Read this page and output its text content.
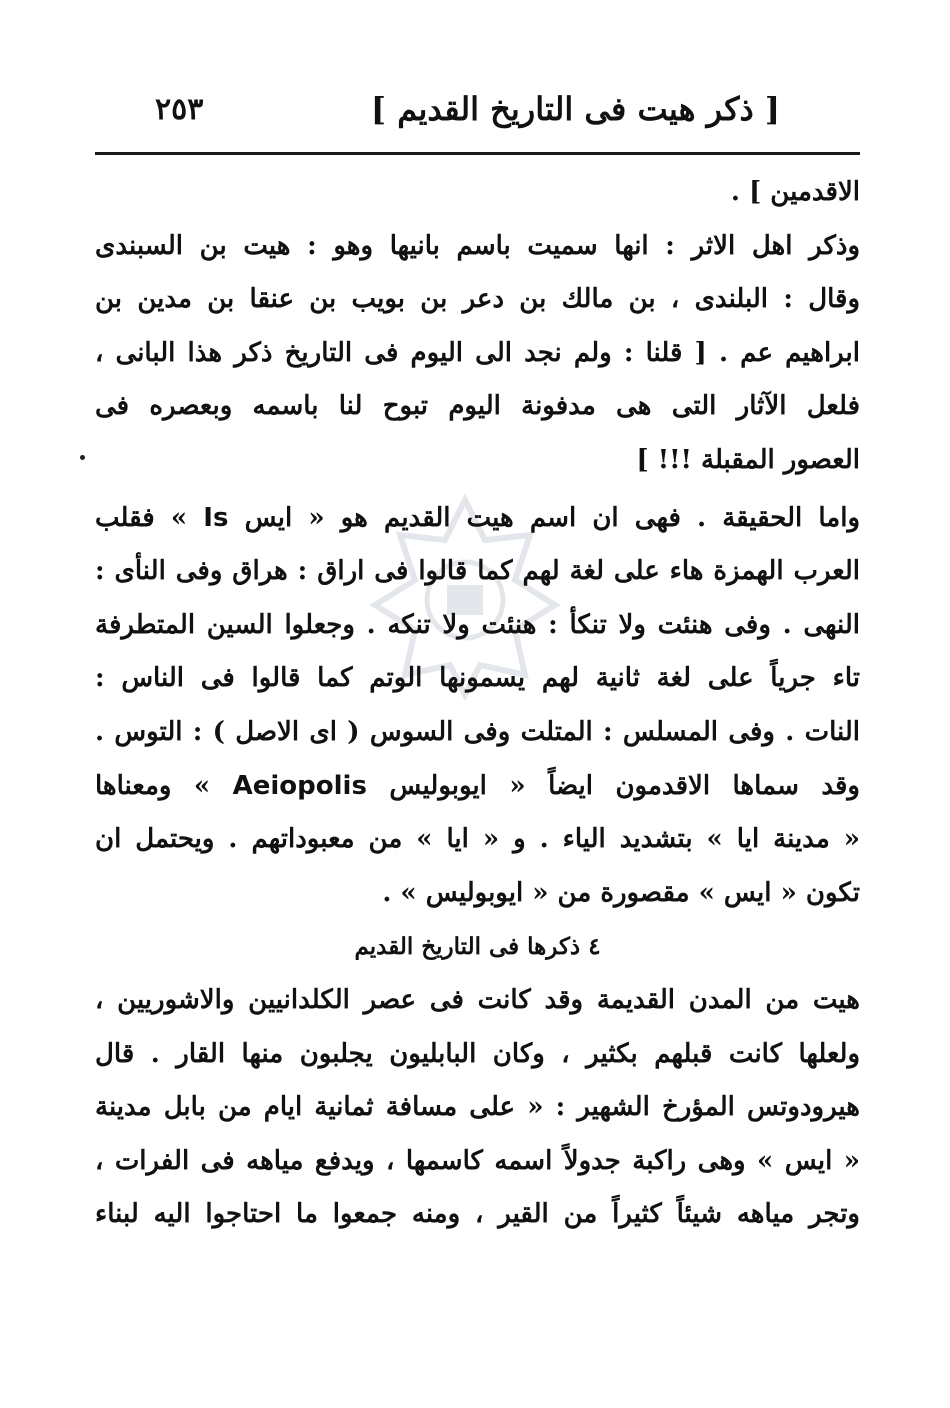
٢٥٣	[ ذكر هيت فى التاريخ القديم ]
الاقدمين ] .
وذكر اهل الاثر : انها سميت باسم بانيها وهو : هيت بن السبندى
وقال : البلندى ، بن مالك بن دعر بن بويب بن عنقا بن مدين بن
ابراهيم عم . [ قلنا : ولم نجد الى اليوم فى التاريخ ذكر هذا البانى ،
فلعل الآثار التى هى مدفونة اليوم تبوح لنا باسمه وبعصره فى
العصور المقبلة !!! ]
واما الحقيقة . فهى ان اسم هيت القديم هو « ايس Is » فقلب
العرب الهمزة هاء على لغة لهم كما قالوا فى اراق : هراق وفى النأى :
النهى . وفى هنئت ولا تنكأ : هنئت ولا تنكه . وجعلوا السين المتطرفة
تاء جرياً على لغة ثانية لهم يسمونها الوتم كما قالوا فى الناس :
النات . وفى المسلس : المتلت وفى السوس ( اى الاصل ) : التوس .
وقد سماها الاقدمون ايضاً « ايوبوليس Aeiopolis » ومعناها
« مدينة ايا » بتشديد الياء . و « ايا » من معبوداتهم . ويحتمل ان
تكون « ايس » مقصورة من « ايوبوليس » .
٤ ذكرها فى التاريخ القديم
هيت من المدن القديمة وقد كانت فى عصر الكلدانيين والاشوريين ،
ولعلها كانت قبلهم بكثير ، وكان البابليون يجلبون منها القار . قال
هيرودوتس المؤرخ الشهير : « على مسافة ثمانية ايام من بابل مدينة
« ايس » وهى راكبة جدولاً اسمه كاسمها ، ويدفع مياهه فى الفرات ،
وتجر مياهه شيئاً كثيراً من القير ، ومنه جمعوا ما احتاجوا اليه لبناء
